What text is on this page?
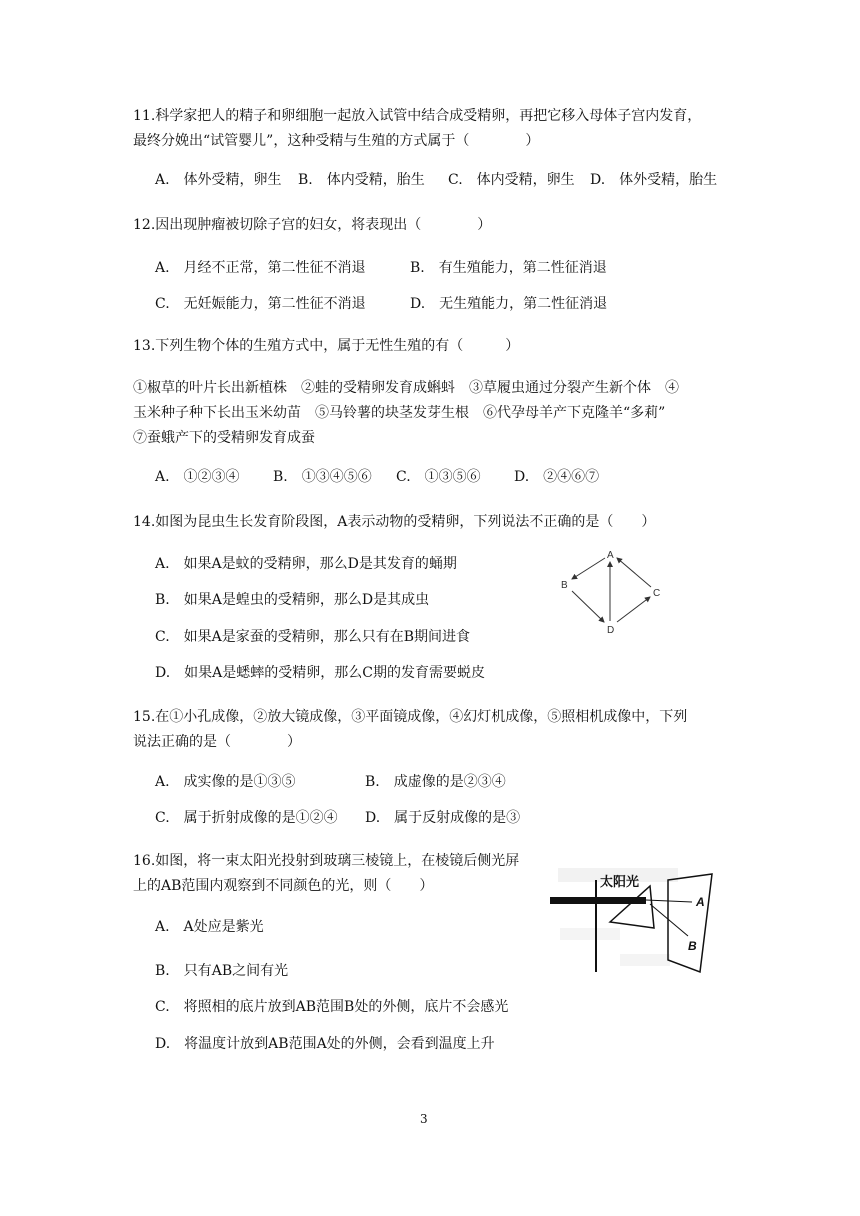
11.科学家把人的精子和卵细胞一起放入试管中结合成受精卵，再把它移入母体子宫内发育，
最终分娩出“试管婴儿”，这种受精与生殖的方式属于（　　　　）
A.　体外受精，卵生 B.　体内受精，胎生 C.　体内受精，卵生 D.　体外受精，胎生
12.因出现肿瘤被切除子宫的妇女，将表现出（　　　　）
A.　月经不正常，第二性征不消退	B.　有生殖能力，第二性征消退
C.　无妊娠能力，第二性征不消退	D.　无生殖能力，第二性征消退
13.下列生物个体的生殖方式中，属于无性生殖的有（　　　）
①椒草的叶片长出新植株　②蛙的受精卵发育成蝌蚪　③草履虫通过分裂产生新个体　④
玉米种子种下长出玉米幼苗　⑤马铃薯的块茎发芽生根　⑥代孕母羊产下克隆羊“多莉”
⑦蚕蛾产下的受精卵发育成蚕
A.　①②③④ B.　①③④⑤⑥ C.　①③⑤⑥ D.　②④⑥⑦
14.如图为昆虫生长发育阶段图，A表示动物的受精卵，下列说法不正确的是（　　）
A.　如果A是蚊的受精卵，那么D是其发育的蛹期
B.　如果A是蝗虫的受精卵，那么D是其成虫
C.　如果A是家蚕的受精卵，那么只有在B期间进食
D.　如果A是蟋蟀的受精卵，那么C期的发育需要蜕皮
A
B
C
D
15.在①小孔成像，②放大镜成像，③平面镜成像，④幻灯机成像，⑤照相机成像中，下列
说法正确的是（　　　　）
A.　成实像的是①③⑤	B.　成虚像的是②③④
C.　属于折射成像的是①②④ D.　属于反射成像的是③
16.如图，将一束太阳光投射到玻璃三棱镜上，在棱镜后侧光屏
上的AB范围内观察到不同颜色的光，则（　　）
A.　A处应是紫光
B.　只有AB之间有光
C.　将照相的底片放到AB范围B处的外侧，底片不会感光
D.　将温度计放到AB范围A处的外侧，会看到温度上升
太阳光
A
B
3
